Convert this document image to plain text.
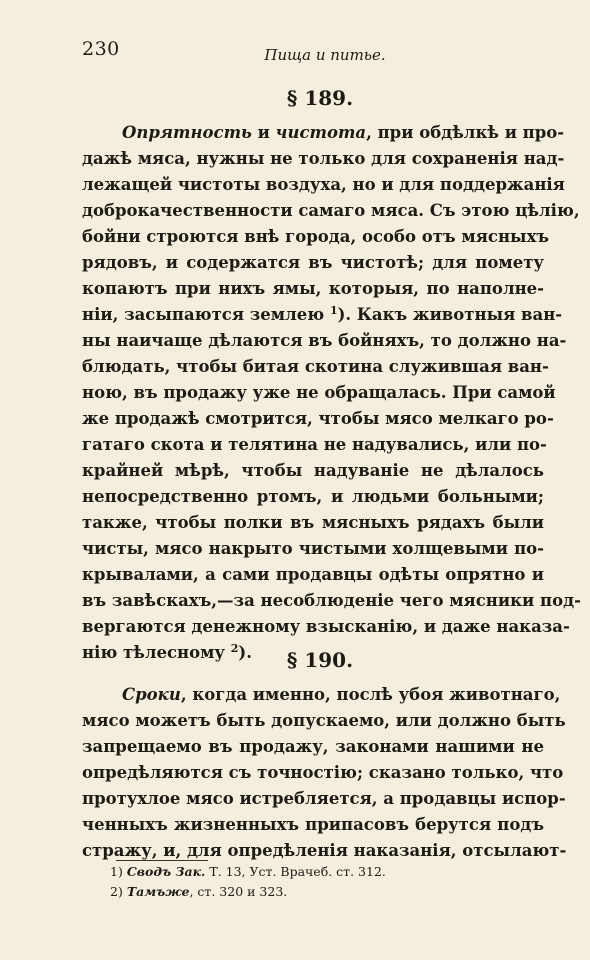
230	Пища и питье.
§ 189.
Опрятность и чистота, при обдѣлкѣ и про-
дажѣ мяса, нужны не только для сохраненія над-
лежащей чистоты воздуха, но и для поддержанія
доброкачественности самаго мяса. Съ этою цѣлію,
бойни строются внѣ города, особо отъ мясныхъ
рядовъ, и содержатся въ чистотѣ; для помету
копаютъ при нихъ ямы, которыя, по наполне-
ніи, засыпаются землею $^1$). Какъ животныя ван-
ны наичаще дѣлаются въ бойняхъ, то должно на-
блюдать, чтобы битая скотина служившая ван-
ною, въ продажу уже не обращалась. При самой
же продажѣ смотрится, чтобы мясо мелкаго ро-
гатаго скота и телятина не надувались, или по-
крайней мѣрѣ, чтобы надуваніе не дѣлалось
непосредственно ртомъ, и людьми больными;
также, чтобы полки въ мясныхъ рядахъ были
чисты, мясо накрыто чистыми холщевыми по-
крывалами, а сами продавцы одѣты опрятно и
въ завѣскахъ,—за несоблюденіе чего мясники под-
вергаются денежному взысканію, и даже наказа-
нію тѣлесному $^2$).	§ 190.
Сроки, когда именно, послѣ убоя животнаго,
мясо можетъ быть допускаемо, или должно быть
запрещаемо въ продажу, законами нашими не
опредѣляются съ точностію; сказано только, что
протухлое мясо истребляется, а продавцы испор-
ченныхъ жизненныхъ припасовъ берутся подъ
стражу, и, для опредѣленія наказанія, отсылают-
1) Сводъ Зак. Т. 13, Уст. Врачеб. ст. 312.
2) Тамъже, ст. 320 и 323.
